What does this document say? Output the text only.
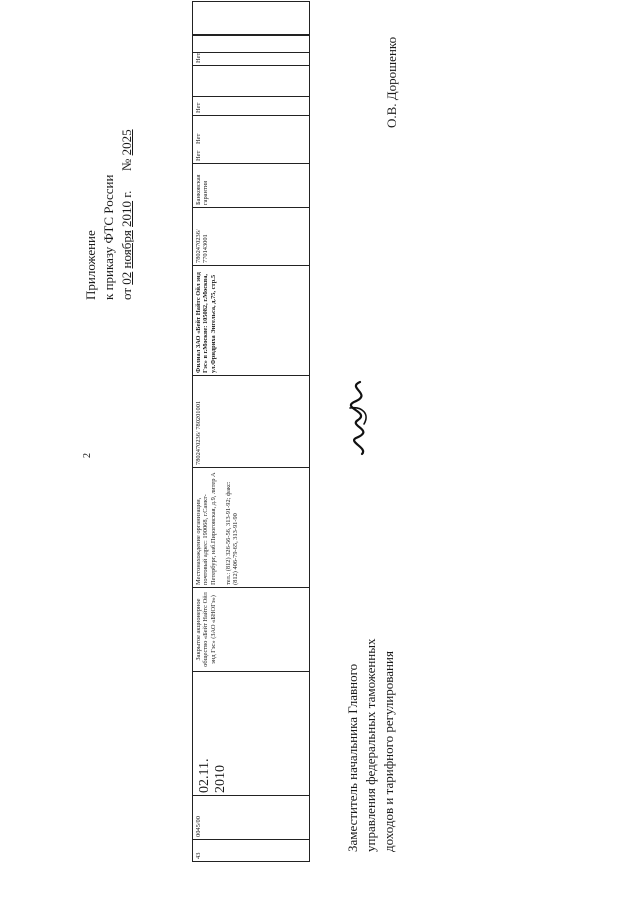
2
Приложение к приказу ФТС России от 02 ноября 2010 г.      № 2025
43
0045/00
02.11.
2010
Закрытое акционерное общество «Бейт Найтс Ойл энд Гэс» (ЗАО «БНОГэ»)
Местонахождение организации, почтовый адрес: 190068, г.Санкт-Петербург, наб.Пироговская, д.9, литер А

тел.: (812) 326-56-56, 313-91-92; факс: (812) 406-79-65, 313-91-90
7802470236/ 780201001
Филиал ЗАО «Бейт Найтс Ойл энд Гэс» в г.Москве: 105082, г.Москва, ул.Фридриха Энгельса, д.75, стр.5
7802470236/ 770143001
Банковская гарантия
Нет
Нет
Нет
Нет
Заместитель начальника Главного управления федеральных таможенных доходов и тарифного регулирования
О.В. Дорошенко
